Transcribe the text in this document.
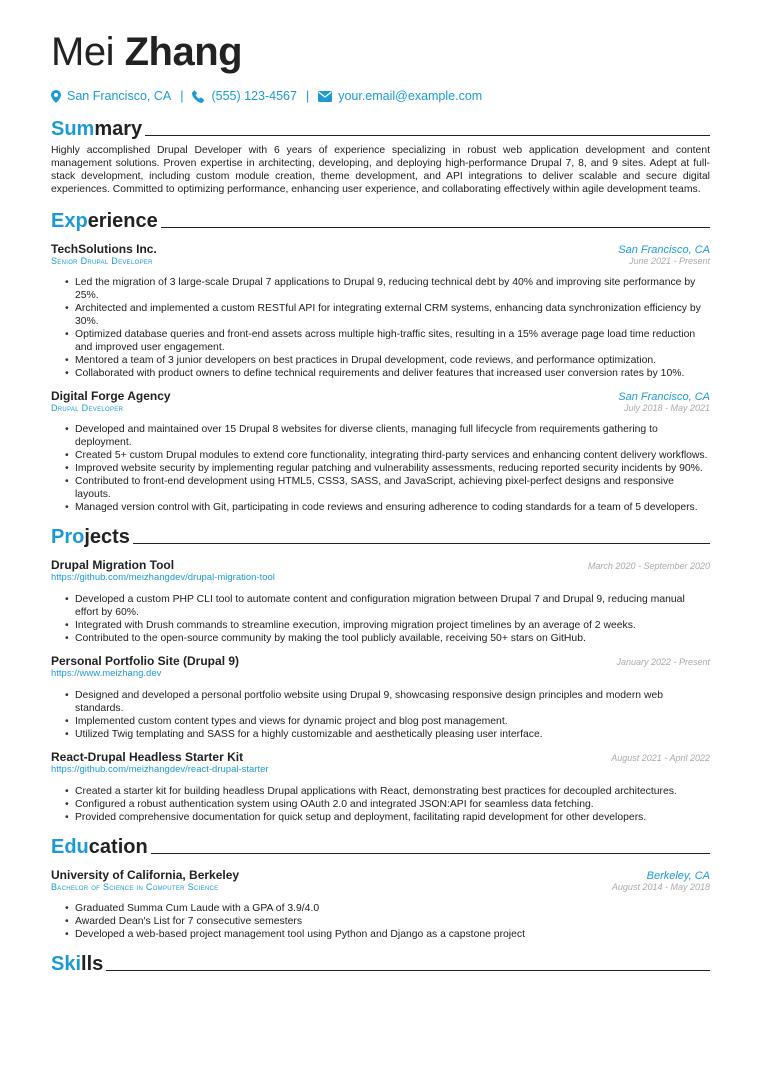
Mei Zhang
San Francisco, CA | (555) 123-4567 | your.email@example.com
Summary
Highly accomplished Drupal Developer with 6 years of experience specializing in robust web application development and content management solutions. Proven expertise in architecting, developing, and deploying high-performance Drupal 7, 8, and 9 sites. Adept at full-stack development, including custom module creation, theme development, and API integrations to deliver scalable and secure digital experiences. Committed to optimizing performance, enhancing user experience, and collaborating effectively within agile development teams.
Experience
TechSolutions Inc.	San Francisco, CA
Senior Drupal Developer	June 2021 - Present
• Led the migration of 3 large-scale Drupal 7 applications to Drupal 9, reducing technical debt by 40% and improving site performance by 25%.
• Architected and implemented a custom RESTful API for integrating external CRM systems, enhancing data synchronization efficiency by 30%.
• Optimized database queries and front-end assets across multiple high-traffic sites, resulting in a 15% average page load time reduction and improved user engagement.
• Mentored a team of 3 junior developers on best practices in Drupal development, code reviews, and performance optimization.
• Collaborated with product owners to define technical requirements and deliver features that increased user conversion rates by 10%.
Digital Forge Agency	San Francisco, CA
Drupal Developer	July 2018 - May 2021
• Developed and maintained over 15 Drupal 8 websites for diverse clients, managing full lifecycle from requirements gathering to deployment.
• Created 5+ custom Drupal modules to extend core functionality, integrating third-party services and enhancing content delivery workflows.
• Improved website security by implementing regular patching and vulnerability assessments, reducing reported security incidents by 90%.
• Contributed to front-end development using HTML5, CSS3, SASS, and JavaScript, achieving pixel-perfect designs and responsive layouts.
• Managed version control with Git, participating in code reviews and ensuring adherence to coding standards for a team of 5 developers.
Projects
Drupal Migration Tool	March 2020 - September 2020
https://github.com/meizhangdev/drupal-migration-tool
• Developed a custom PHP CLI tool to automate content and configuration migration between Drupal 7 and Drupal 9, reducing manual effort by 60%.
• Integrated with Drush commands to streamline execution, improving migration project timelines by an average of 2 weeks.
• Contributed to the open-source community by making the tool publicly available, receiving 50+ stars on GitHub.
Personal Portfolio Site (Drupal 9)	January 2022 - Present
https://www.meizhang.dev
• Designed and developed a personal portfolio website using Drupal 9, showcasing responsive design principles and modern web standards.
• Implemented custom content types and views for dynamic project and blog post management.
• Utilized Twig templating and SASS for a highly customizable and aesthetically pleasing user interface.
React-Drupal Headless Starter Kit	August 2021 - April 2022
https://github.com/meizhangdev/react-drupal-starter
• Created a starter kit for building headless Drupal applications with React, demonstrating best practices for decoupled architectures.
• Configured a robust authentication system using OAuth 2.0 and integrated JSON:API for seamless data fetching.
• Provided comprehensive documentation for quick setup and deployment, facilitating rapid development for other developers.
Education
University of California, Berkeley	Berkeley, CA
Bachelor of Science in Computer Science	August 2014 - May 2018
• Graduated Summa Cum Laude with a GPA of 3.9/4.0
• Awarded Dean's List for 7 consecutive semesters
• Developed a web-based project management tool using Python and Django as a capstone project
Skills
